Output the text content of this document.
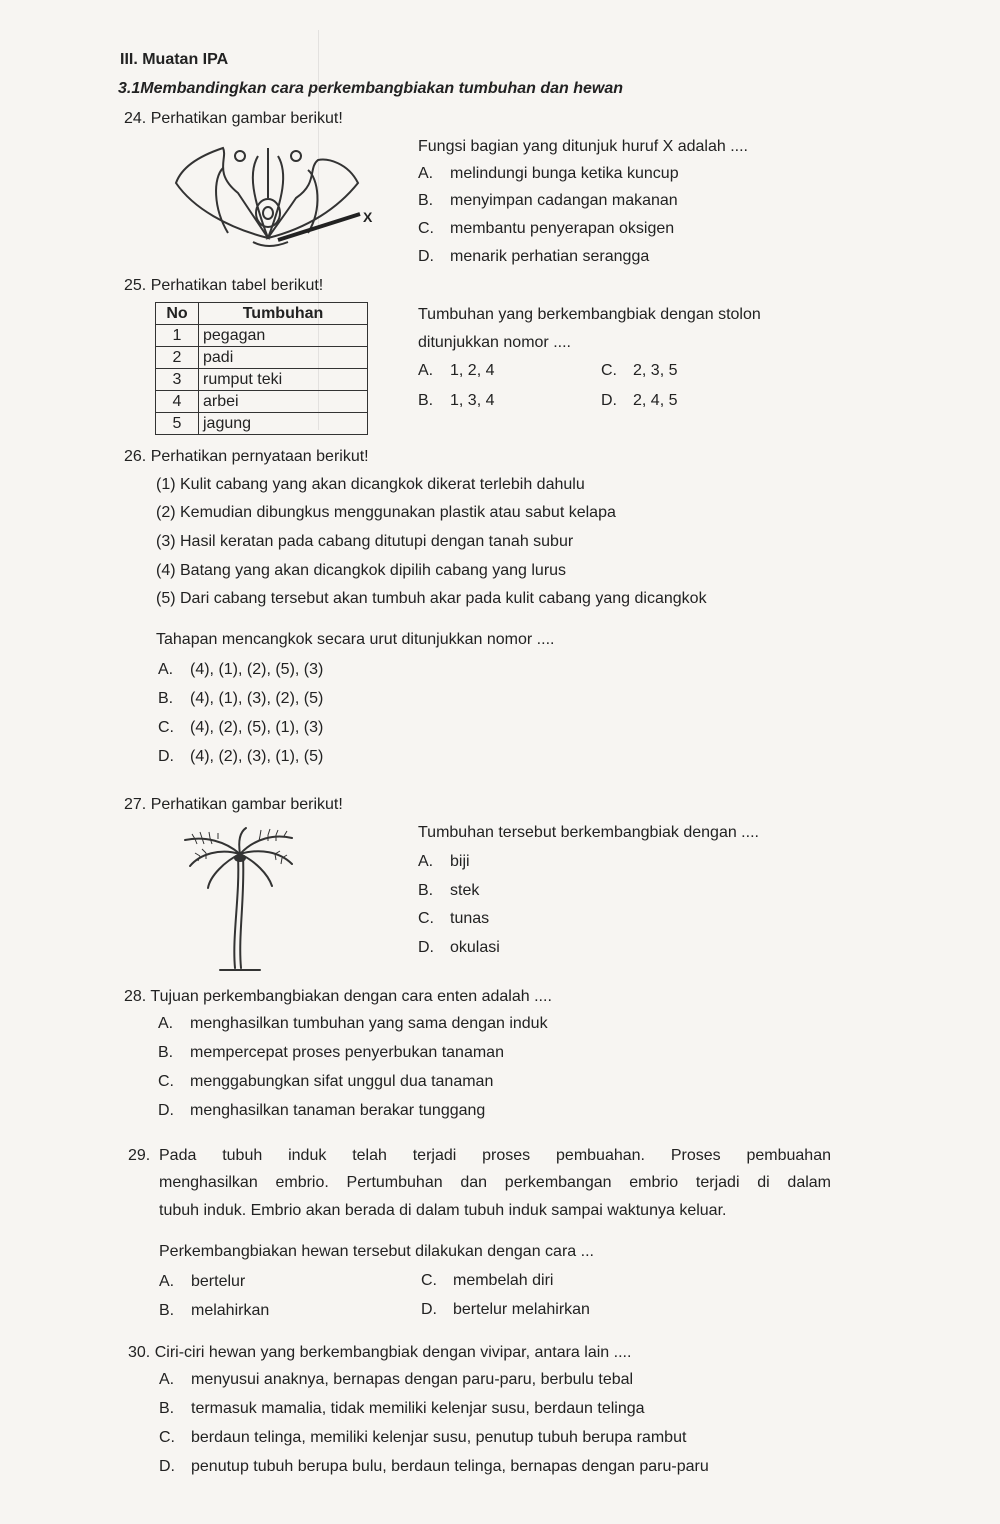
III. Muatan IPA
3.1Membandingkan cara perkembangbiakan tumbuhan dan hewan
24. Perhatikan gambar berikut!
X
Fungsi bagian yang ditunjuk huruf X adalah ....
A. melindungi bunga ketika kuncup
B. menyimpan cadangan makanan
C. membantu penyerapan oksigen
D. menarik perhatian serangga
25. Perhatikan tabel berikut!
No	Tumbuhan
1	pegagan
2	padi
3	rumput teki
4	arbei
5	jagung
Tumbuhan yang berkembangbiak dengan stolon
ditunjukkan nomor ....
A. 1, 2, 4	C. 2, 3, 5
B. 1, 3, 4	D. 2, 4, 5
26. Perhatikan pernyataan berikut!
(1) Kulit cabang yang akan dicangkok dikerat terlebih dahulu
(2) Kemudian dibungkus menggunakan plastik atau sabut kelapa
(3) Hasil keratan pada cabang ditutupi dengan tanah subur
(4) Batang yang akan dicangkok dipilih cabang yang lurus
(5) Dari cabang tersebut akan tumbuh akar pada kulit cabang yang dicangkok
Tahapan mencangkok secara urut ditunjukkan nomor ....
A. (4), (1), (2), (5), (3)
B. (4), (1), (3), (2), (5)
C. (4), (2), (5), (1), (3)
D. (4), (2), (3), (1), (5)
27. Perhatikan gambar berikut!
Tumbuhan tersebut berkembangbiak dengan ....
A. biji
B. stek
C. tunas
D. okulasi
28. Tujuan perkembangbiakan dengan cara enten adalah ....
A. menghasilkan tumbuhan yang sama dengan induk
B. mempercepat proses penyerbukan tanaman
C. menggabungkan sifat unggul dua tanaman
D. menghasilkan tanaman berakar tunggang
29. Pada tubuh induk telah terjadi proses pembuahan. Proses pembuahan
menghasilkan embrio. Pertumbuhan dan perkembangan embrio terjadi di dalam
tubuh induk. Embrio akan berada di dalam tubuh induk sampai waktunya keluar.
Perkembangbiakan hewan tersebut dilakukan dengan cara ...
A. bertelur	C. membelah diri
B. melahirkan	D. bertelur melahirkan
30. Ciri-ciri hewan yang berkembangbiak dengan vivipar, antara lain ....
A. menyusui anaknya, bernapas dengan paru-paru, berbulu tebal
B. termasuk mamalia, tidak memiliki kelenjar susu, berdaun telinga
C. berdaun telinga, memiliki kelenjar susu, penutup tubuh berupa rambut
D. penutup tubuh berupa bulu, berdaun telinga, bernapas dengan paru-paru
